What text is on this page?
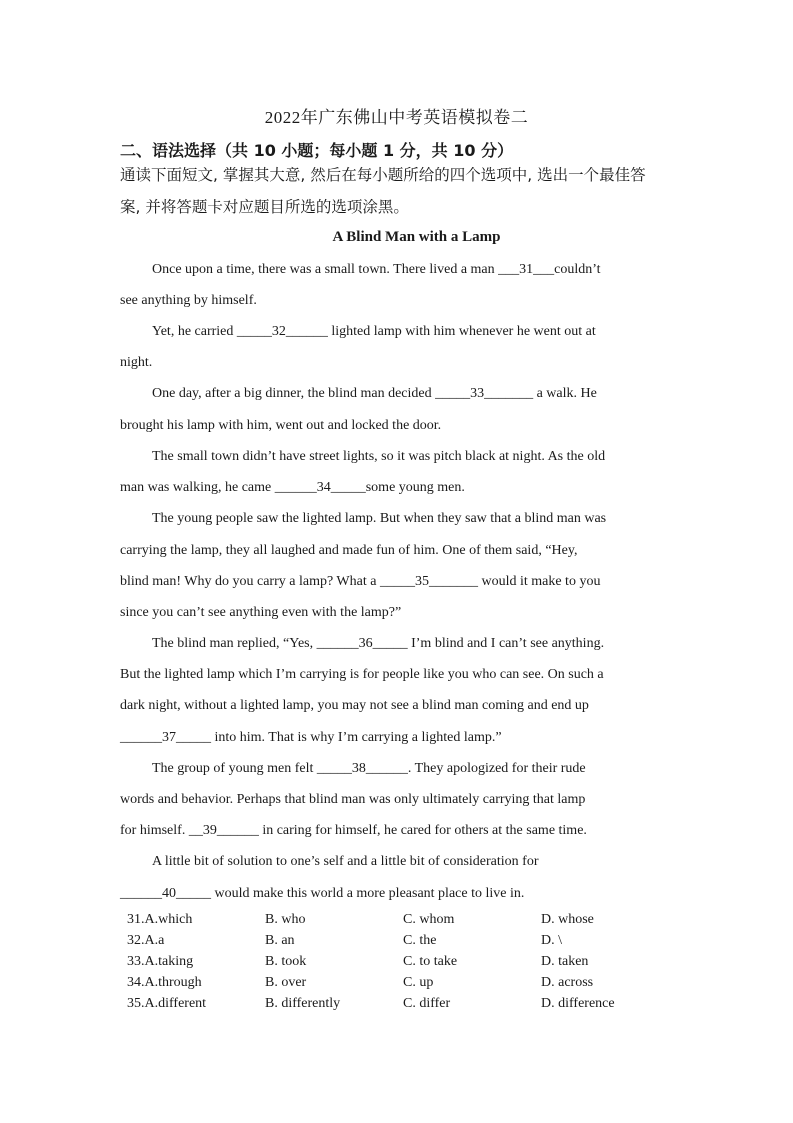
2022年广东佛山中考英语模拟卷二
二、语法选择（共 10 小题；每小题 1 分，共 10 分）
通读下面短文, 掌握其大意, 然后在每小题所给的四个选项中, 选出一个最佳答
案, 并将答题卡对应题目所选的选项涂黑。
A Blind Man with a Lamp
Once upon a time, there was a small town. There lived a man ___31___couldn’t
see anything by himself.
Yet, he carried _____32______ lighted lamp with him whenever he went out at
night.
One day, after a big dinner, the blind man decided _____33_______ a walk. He
brought his lamp with him, went out and locked the door.
The small town didn’t have street lights, so it was pitch black at night. As the old
man was walking, he came ______34_____some young men.
The young people saw the lighted lamp. But when they saw that a blind man was
carrying the lamp, they all laughed and made fun of him. One of them said, “Hey,
blind man! Why do you carry a lamp? What a _____35_______ would it make to you
since you can’t see anything even with the lamp?”
The blind man replied, “Yes, ______36_____ I’m blind and I can’t see anything.
But the lighted lamp which I’m carrying is for people like you who can see. On such a
dark night, without a lighted lamp, you may not see a blind man coming and end up
______37_____ into him. That is why I’m carrying a lighted lamp.”
The group of young men felt _____38______. They apologized for their rude
words and behavior. Perhaps that blind man was only ultimately carrying that lamp
for himself. __39______ in caring for himself, he cared for others at the same time.
A little bit of solution to one’s self and a little bit of consideration for
______40_____ would make this world a more pleasant place to live in.
31.A.which	B. who	C. whom	D. whose
32.A.a	B. an	C. the	D. \
33.A.taking	B. took	C. to take	D. taken
34.A.through	B. over	C. up	D. across
35.A.different	B. differently	C. differ	D. difference
